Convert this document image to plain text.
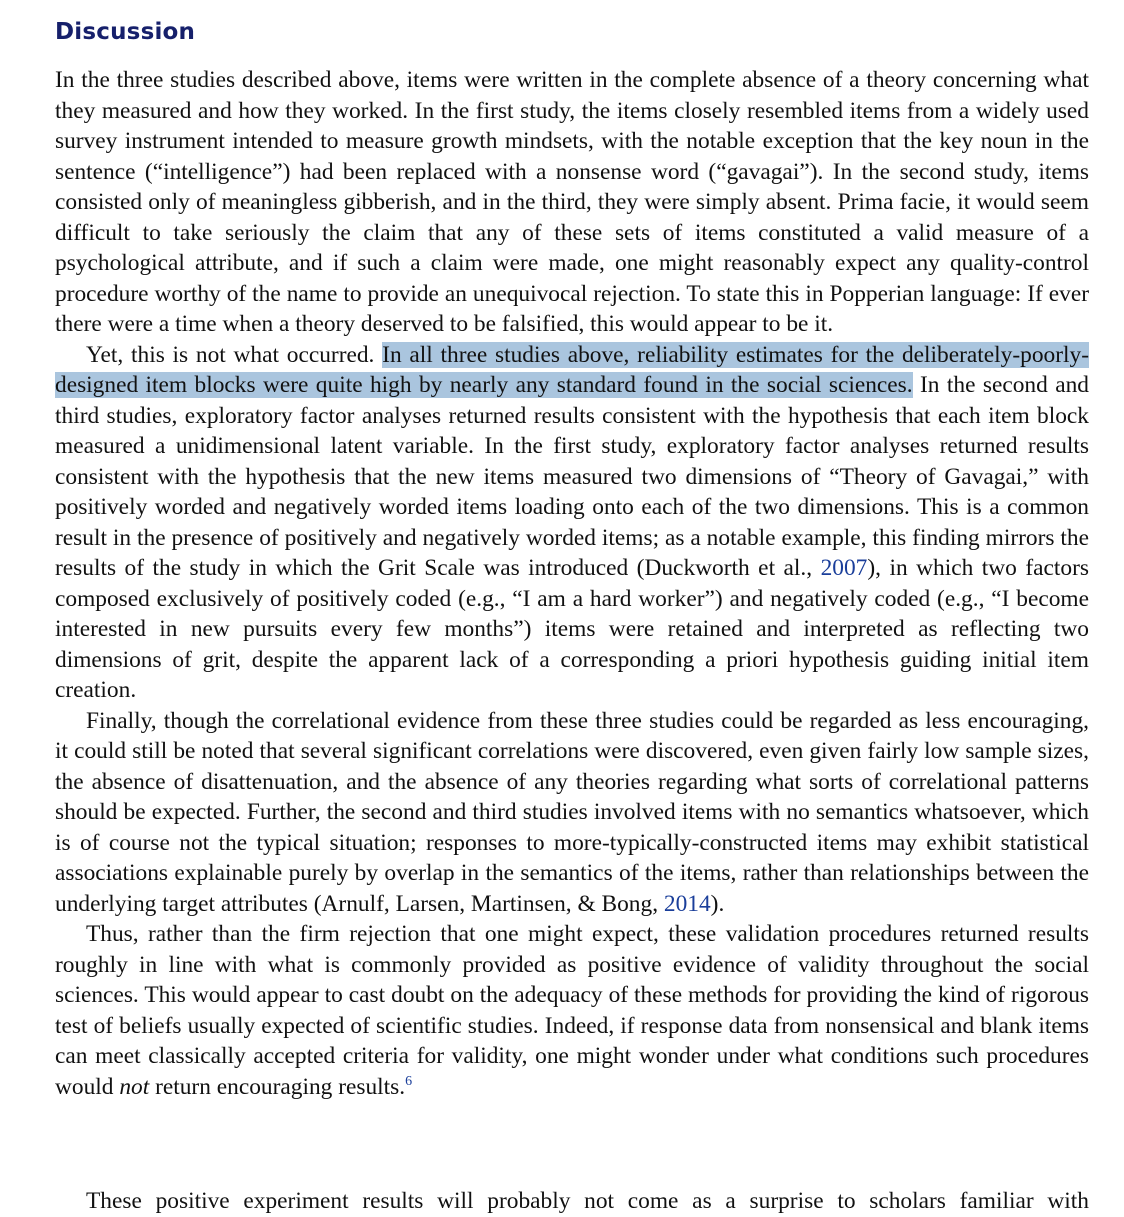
Discussion

In the three studies described above, items were written in the complete absence of a theory concerning what they measured and how they worked. In the first study, the items closely resembled items from a widely used survey instrument intended to measure growth mindsets, with the notable exception that the key noun in the sentence (“intelligence”) had been replaced with a nonsense word (“gavagai”). In the second study, items consisted only of meaningless gibberish, and in the third, they were simply absent. Prima facie, it would seem difficult to take seriously the claim that any of these sets of items constituted a valid measure of a psychological attribute, and if such a claim were made, one might reasonably expect any quality-control procedure worthy of the name to provide an unequivocal rejection. To state this in Popperian language: If ever there were a time when a theory deserved to be falsified, this would appear to be it.

Yet, this is not what occurred. In all three studies above, reliability estimates for the deliberately-poorly-designed item blocks were quite high by nearly any standard found in the social sciences. In the second and third studies, exploratory factor analyses returned results consistent with the hypothesis that each item block measured a unidimensional latent variable. In the first study, exploratory factor analyses returned results consistent with the hypothesis that the new items measured two dimensions of “Theory of Gavagai,” with positively worded and negatively worded items loading onto each of the two dimensions. This is a common result in the presence of positively and negatively worded items; as a notable example, this finding mirrors the results of the study in which the Grit Scale was introduced (Duckworth et al., 2007), in which two factors composed exclusively of positively coded (e.g., “I am a hard worker”) and negatively coded (e.g., “I become interested in new pursuits every few months”) items were retained and interpreted as reflecting two dimensions of grit, despite the apparent lack of a corresponding a priori hypothesis guiding initial item creation.

Finally, though the correlational evidence from these three studies could be regarded as less encouraging, it could still be noted that several significant correlations were discovered, even given fairly low sample sizes, the absence of disattenuation, and the absence of any theories regarding what sorts of correlational patterns should be expected. Further, the second and third studies involved items with no semantics whatsoever, which is of course not the typical situation; responses to more-typically-constructed items may exhibit statistical associations explainable purely by overlap in the semantics of the items, rather than relationships between the underlying target attributes (Arnulf, Larsen, Martinsen, & Bong, 2014).

Thus, rather than the firm rejection that one might expect, these validation procedures returned results roughly in line with what is commonly provided as positive evidence of validity throughout the social sciences. This would appear to cast doubt on the adequacy of these methods for providing the kind of rigorous test of beliefs usually expected of scientific studies. Indeed, if response data from nonsensical and blank items can meet classically accepted criteria for validity, one might wonder under what conditions such procedures would not return encouraging results.$^6$

These positive experiment results will probably not come as a surprise to scholars familiar with
